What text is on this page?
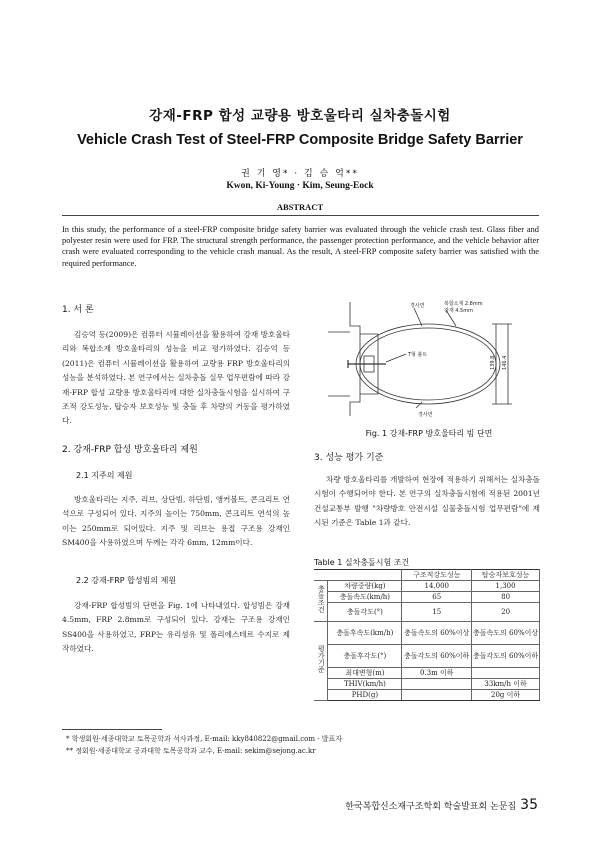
강재-FRP 합성 교량용 방호울타리 실차충돌시험
Vehicle Crash Test of Steel-FRP Composite Bridge Safety Barrier
권 기 영* · 김 승 억**
Kwon, Ki-Young · Kim, Seung-Eock
ABSTRACT
In this study, the performance of a steel-FRP composite bridge safety barrier was evaluated through the vehicle crash test. Glass fiber and polyester resin were used for FRP. The structural strength performance, the passenger protection performance, and the vehicle behavior after crash were evaluated corresponding to the vehicle crash manual. As the result, A steel-FRP composite safety barrier was satisfied with the required performance.
1. 서 론
김승억 등(2009)은 컴퓨터 시뮬레이션을 활용하여 강재 방호울타리와 복합소재 방호울타리의 성능을 비교 평가하였다. 김승억 등(2011)은 컴퓨터 시뮬레이션을 활용하여 교량용 FRP 방호울타리의 성능을 분석하였다. 본 연구에서는 실차충돌 실무 업무편람에 따라 강재-FRP 합성 교량용 방호울타리에 대한 실차충돌시험을 실시하여 구조적 강도성능, 탑승자 보호성능 및 충돌 후 차량의 거동을 평가하였다.
2. 강재-FRP 합성 방호울타리 제원
2.1 지주의 제원
방호울타리는 지주, 리브, 상단빔, 하단빔, 앵커볼트, 콘크리트 연석으로 구성되어 있다. 지주의 높이는 750mm, 콘크리트 연석의 높이는 250mm로 되어있다. 지주 및 리브는 용접 구조용 강재인 SM400을 사용하였으며 두께는 각각 6mm, 12mm이다.
2.2 강재-FRP 합성빔의 제원
강재-FRP 합성빔의 단면을 Fig. 1에 나타내었다. 합성빔은 강재 4.5mm, FRP 2.8mm로 구성되어 있다. 강재는 구조용 강재인 SS400을 사용하였고, FRP는 유리섬유 및 폴리에스테르 수지로 제작하였다.
경사면	복합소재 2.8mm
강재 4.5mm
T형 볼트
경사면
139.8 146.4
Fig. 1 강재-FRP 방호울타리 빔 단면
3. 성능 평가 기준
차량 방호울타리를 개발하여 현장에 적용하기 위해서는 실차충돌시험이 수행되어야 한다. 본 연구의 실차충돌시험에 적용된 2001년 건설교통부 발행 "차량방호 안전시설 실물충돌시험 업무편람"에 제시된 기준은 Table 1과 같다.
Table 1 실차충돌시험 조건
		구조적강도성능	탑승자보호성능
충돌조건	차량중량(kg)	14,000	1,300
	충돌속도(km/h)	65	80
	충돌각도(°)	15	20
평가기준	충돌후속도(km/h)	충돌속도의 60%이상	충돌속도의 60%이상
	충돌후각도(°)	충돌각도의 60%이하	충돌각도의 60%이하
	최대변형(m)	0.3m 이하	
	THIV(km/h)		33km/h 이하
	PHD(g)		20g 이하
* 학생회원·세종대학교 토목공학과 석사과정, E-mail: kky840822@gmail.com - 발표자
** 정회원·세종대학교 공과대학 토목공학과 교수, E-mail: sekim@sejong.ac.kr
한국복합신소재구조학회 학술발표회 논문집 35
